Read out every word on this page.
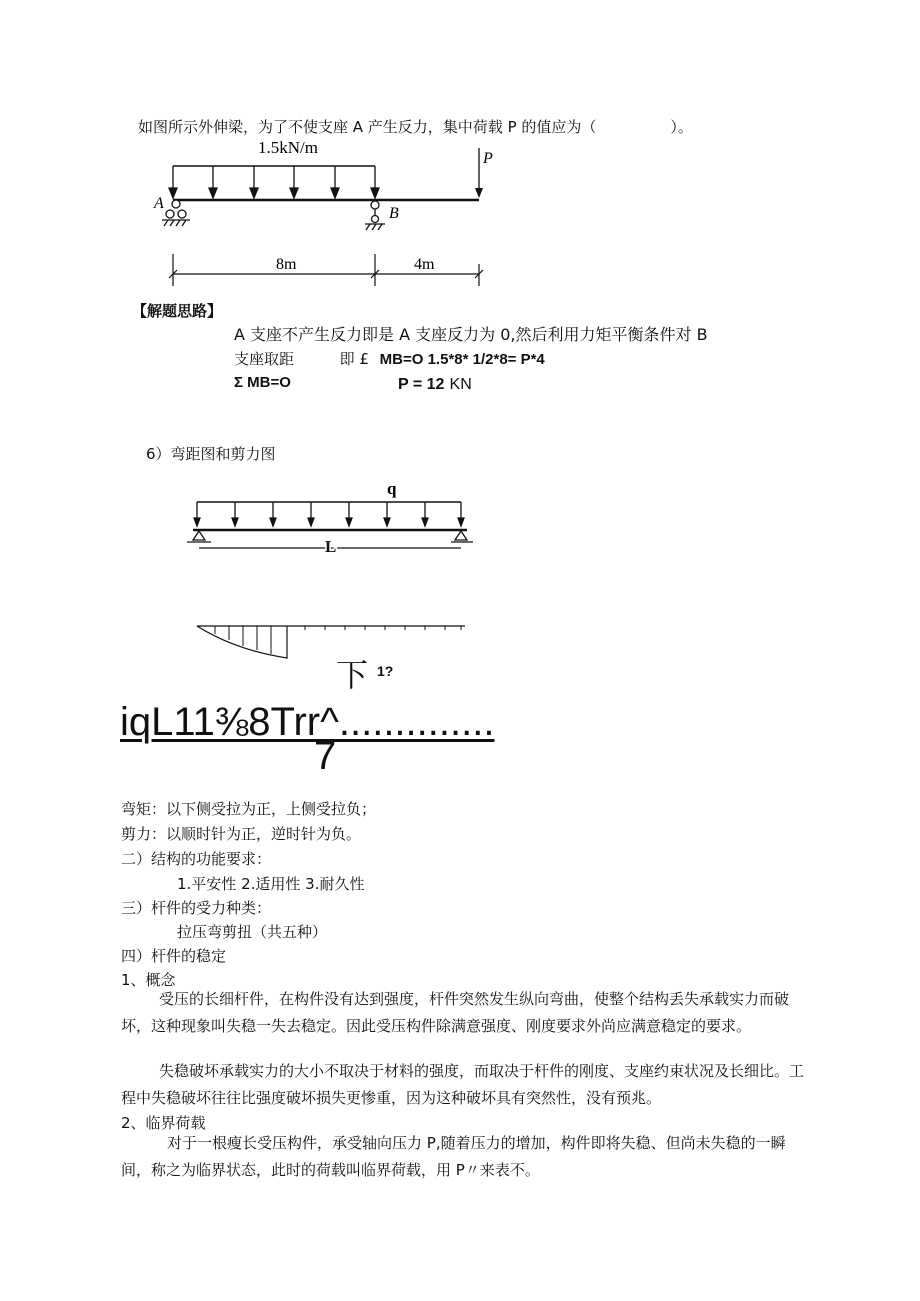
如图所示外伸梁，为了不使支座 A 产生反力，集中荷载 P 的值应为（	）。
1.5kN/m
P
A
B
8m	4m
【解题思路】
A 支座不产生反力即是 A 支座反力为 0,然后利用力矩平衡条件对 B
支座取距	即 £ MB=O 1.5*8* 1/2*8= P*4
Σ MB=O	P = 12 KN
6）弯距图和剪力图
q
L
下 1?
iqL11⅜8Trr^..............
7
弯矩：以下侧受拉为正，上侧受拉负；
剪力：以顺时针为正，逆时针为负。
二）结构的功能要求：
1.平安性 2.适用性 3.耐久性
三）杆件的受力种类：
拉压弯剪扭（共五种）
四）杆件的稳定
1、概念
受压的长细杆件，在构件没有达到强度，杆件突然发生纵向弯曲，使整个结构丢失承载实力而破坏，这种现象叫失稳一失去稳定。因此受压构件除满意强度、刚度要求外尚应满意稳定的要求。
失稳破坏承载实力的大小不取决于材料的强度，而取决于杆件的刚度、支座约束状况及长细比。工程中失稳破坏往往比强度破坏损失更惨重，因为这种破坏具有突然性，没有预兆。
2、临界荷载
对于一根瘦长受压构件，承受轴向压力 P,随着压力的增加，构件即将失稳、但尚未失稳的一瞬间，称之为临界状态，此时的荷载叫临界荷载，用 P〃来表不。
